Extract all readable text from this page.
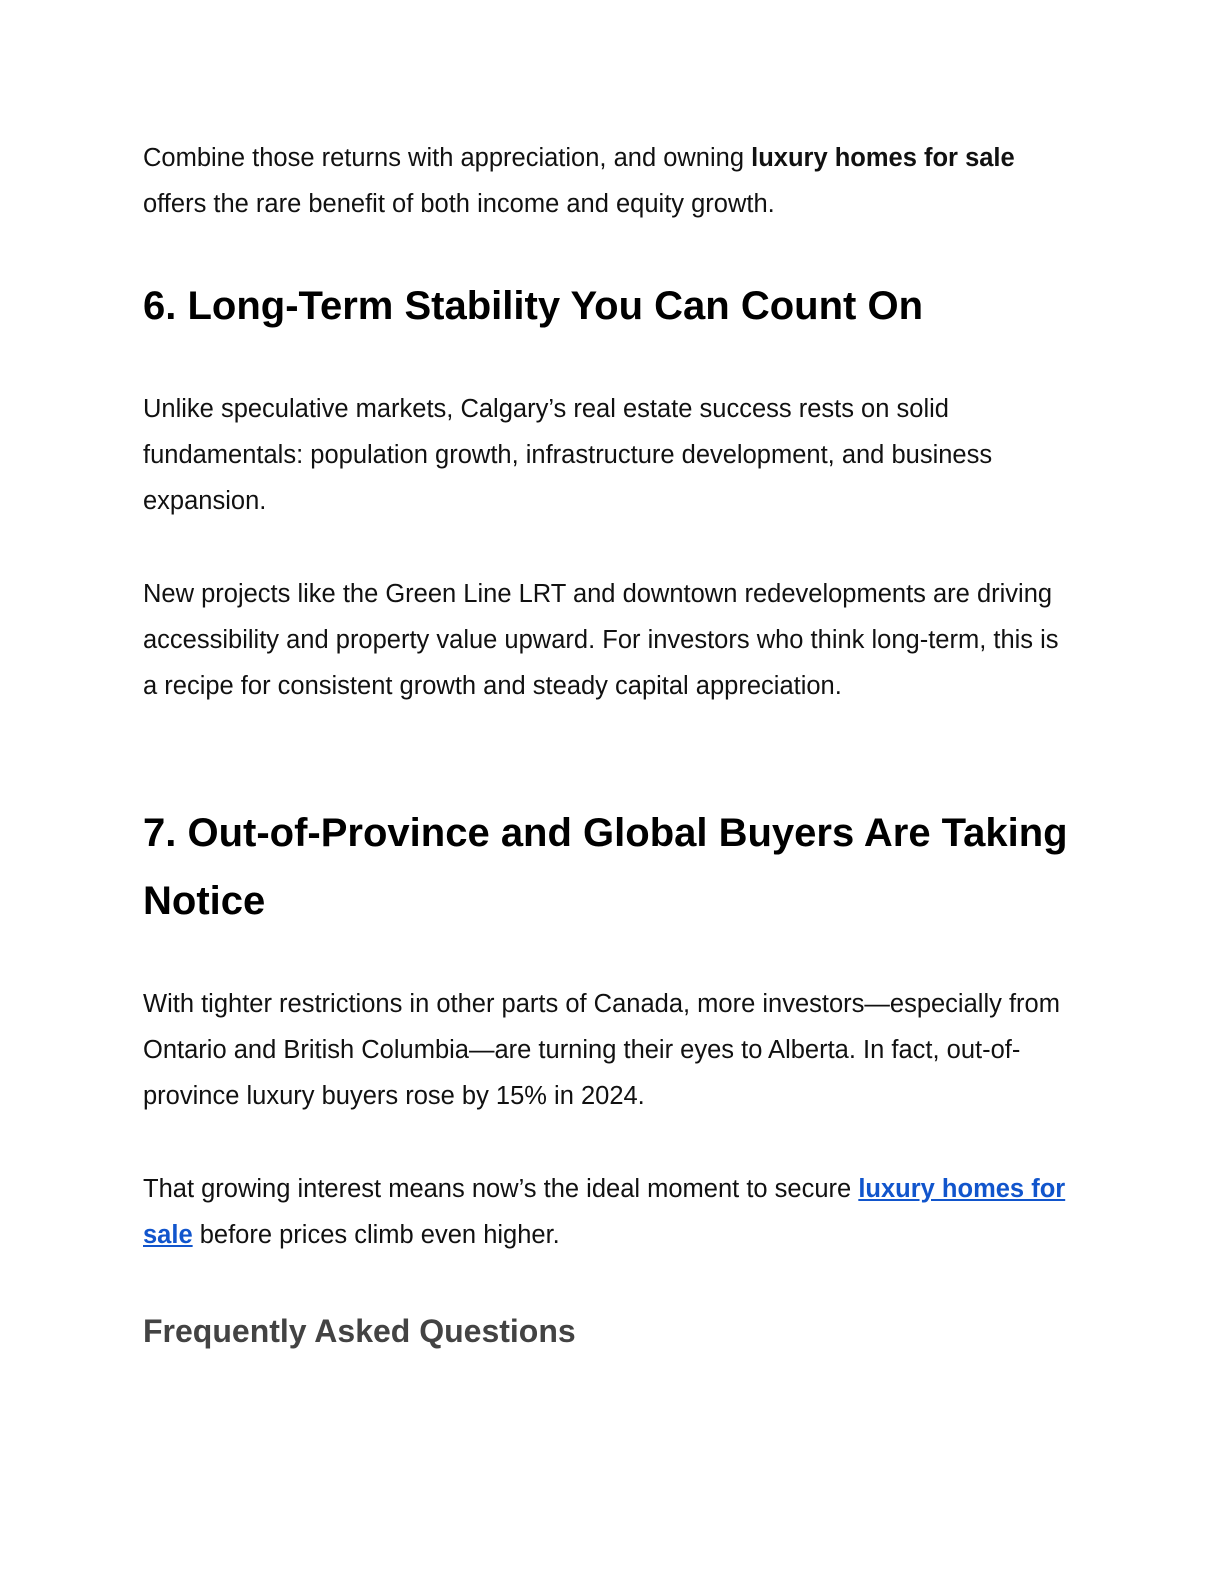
Combine those returns with appreciation, and owning luxury homes for sale offers the rare benefit of both income and equity growth.

6. Long-Term Stability You Can Count On

Unlike speculative markets, Calgary’s real estate success rests on solid fundamentals: population growth, infrastructure development, and business expansion.

New projects like the Green Line LRT and downtown redevelopments are driving accessibility and property value upward. For investors who think long-term, this is a recipe for consistent growth and steady capital appreciation.

7. Out-of-Province and Global Buyers Are Taking Notice

With tighter restrictions in other parts of Canada, more investors—especially from Ontario and British Columbia—are turning their eyes to Alberta. In fact, out-of-province luxury buyers rose by 15% in 2024.

That growing interest means now’s the ideal moment to secure luxury homes for sale before prices climb even higher.

Frequently Asked Questions
